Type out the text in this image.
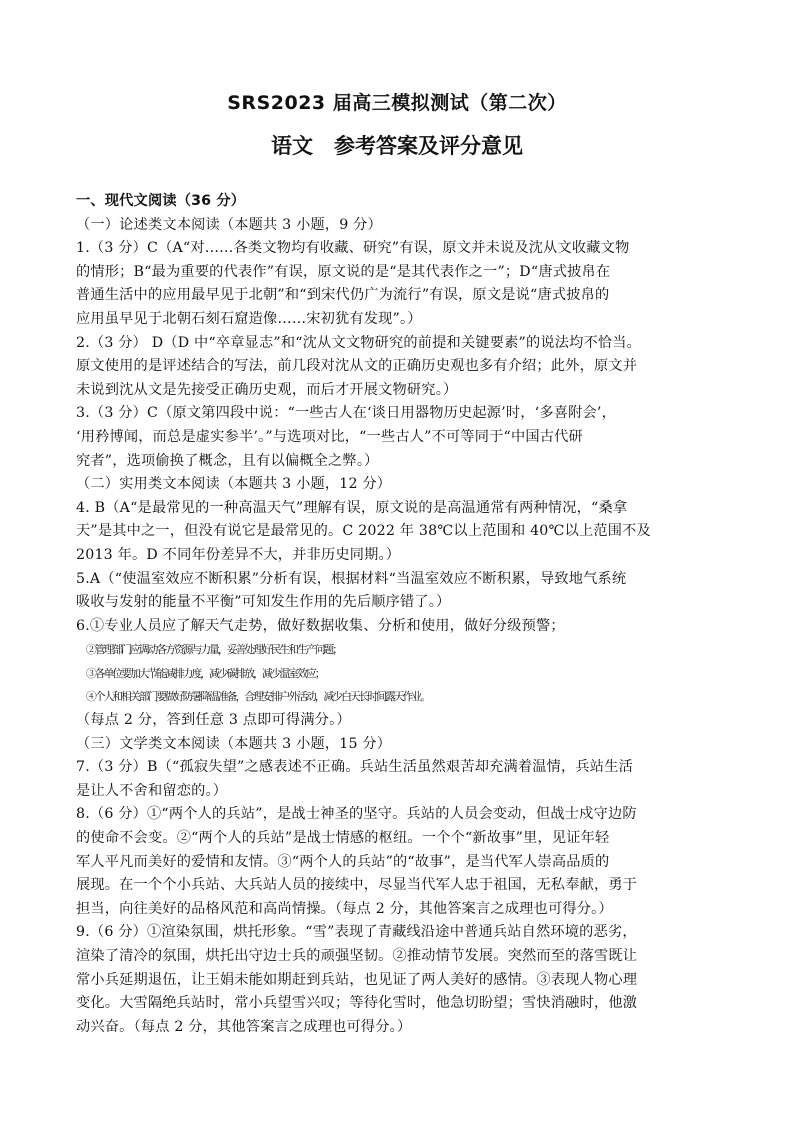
SRS2023 届高三模拟测试（第二次）
语文　参考答案及评分意见
一、现代文阅读（36 分）
（一）论述类文本阅读（本题共 3 小题，9 分）
1.（3 分）C（A“对……各类文物均有收藏、研究”有误，原文并未说及沈从文收藏文物
的情形；B“最为重要的代表作”有误，原文说的是“是其代表作之一”；D“唐式披帛在
普通生活中的应用最早见于北朝”和“到宋代仍广为流行”有误，原文是说“唐式披帛的
应用虽早见于北朝石刻石窟造像……宋初犹有发现”。）
2.（3 分） D（D 中“卒章显志”和“沈从文文物研究的前提和关键要素”的说法均不恰当。
原文使用的是评述结合的写法，前几段对沈从文的正确历史观也多有介绍；此外，原文并
未说到沈从文是先接受正确历史观，而后才开展文物研究。）
3.（3 分）C（原文第四段中说：“一些古人在‘谈日用器物历史起源’时，‘多喜附会’，
‘用矜博闻，而总是虚实参半’。”与选项对比，“一些古人”不可等同于“中国古代研
究者”，选项偷换了概念，且有以偏概全之弊。）
（二）实用类文本阅读（本题共 3 小题，12 分）
4. B（A“是最常见的一种高温天气”理解有误，原文说的是高温通常有两种情况，“桑拿
天”是其中之一，但没有说它是最常见的。C 2022 年 38℃以上范围和 40℃以上范围不及
2013 年。D 不同年份差异不大，并非历史同期。）
5.A（“使温室效应不断积累”分析有误，根据材料“当温室效应不断积累，导致地气系统
吸收与发射的能量不平衡”可知发生作用的先后顺序错了。）
6.①专业人员应了解天气走势，做好数据收集、分析和使用，做好分级预警；
②管理部门应调动各方资源与力量，妥善处理好民生和生产问题；
③各单位要加大节能减排力度，减少碳排放，减少温室效应；
④个人和相关部门要做好防暑降温准备，合理安排户外活动，减少白天长时间露天作业。
（每点 2 分，答到任意 3 点即可得满分。）
（三）文学类文本阅读（本题共 3 小题，15 分）
7.（3 分）B（“孤寂失望”之感表述不正确。兵站生活虽然艰苦却充满着温情，兵站生活
是让人不舍和留恋的。）
8.（6 分）①“两个人的兵站”，是战士神圣的坚守。兵站的人员会变动，但战士戍守边防
的使命不会变。②“两个人的兵站”是战士情感的枢纽。一个个“新故事”里，见证年轻
军人平凡而美好的爱情和友情。③“两个人的兵站”的“故事”，是当代军人崇高品质的
展现。在一个个小兵站、大兵站人员的接续中，尽显当代军人忠于祖国，无私奉献，勇于
担当，向往美好的品格风范和高尚情操。（每点 2 分，其他答案言之成理也可得分。）
9.（6 分）①渲染氛围，烘托形象。“雪”表现了青藏线沿途中普通兵站自然环境的恶劣，
渲染了清冷的氛围，烘托出守边士兵的顽强坚韧。②推动情节发展。突然而至的落雪既让
常小兵延期退伍，让王娟未能如期赶到兵站，也见证了两人美好的感情。③表现人物心理
变化。大雪隔绝兵站时，常小兵望雪兴叹；等待化雪时，他急切盼望；雪快消融时，他激
动兴奋。（每点 2 分，其他答案言之成理也可得分。）
